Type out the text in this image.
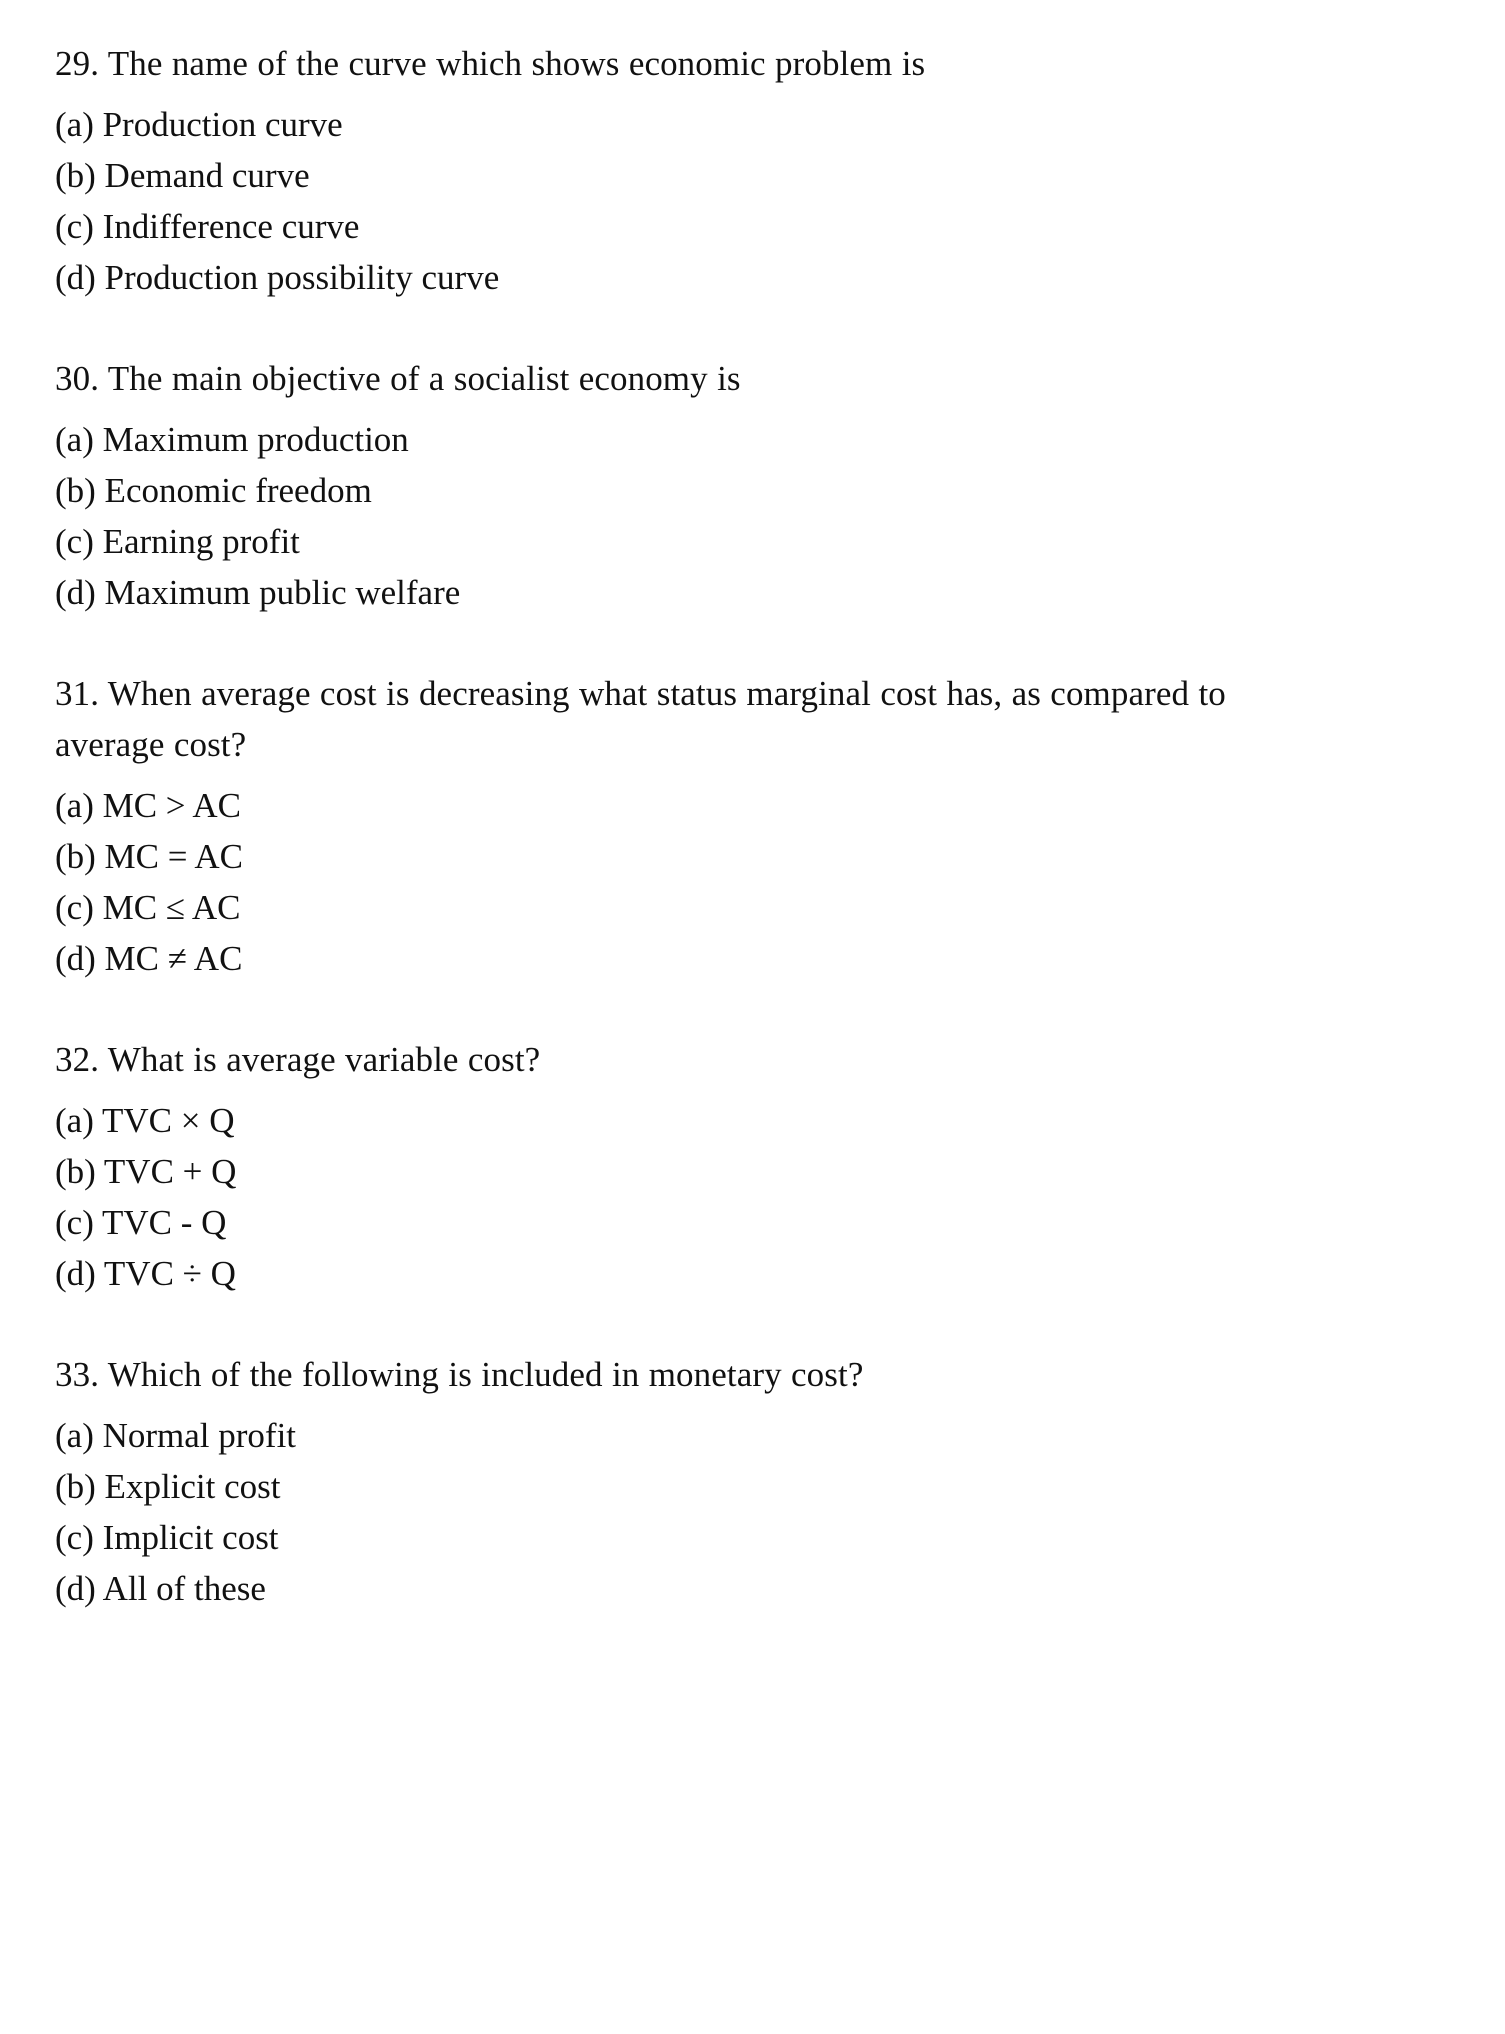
29. The name of the curve which shows economic problem is

(a) Production curve
(b) Demand curve
(c) Indifference curve
(d) Production possibility curve

30. The main objective of a socialist economy is

(a) Maximum production
(b) Economic freedom
(c) Earning profit
(d) Maximum public welfare

31. When average cost is decreasing what status marginal cost has, as compared to average cost?

(a) MC > AC
(b) MC = AC
(c) MC ≤ AC
(d) MC ≠ AC

32. What is average variable cost?

(a) TVC × Q
(b) TVC + Q
(c) TVC - Q
(d) TVC ÷ Q

33. Which of the following is included in monetary cost?

(a) Normal profit
(b) Explicit cost
(c) Implicit cost
(d) All of these
